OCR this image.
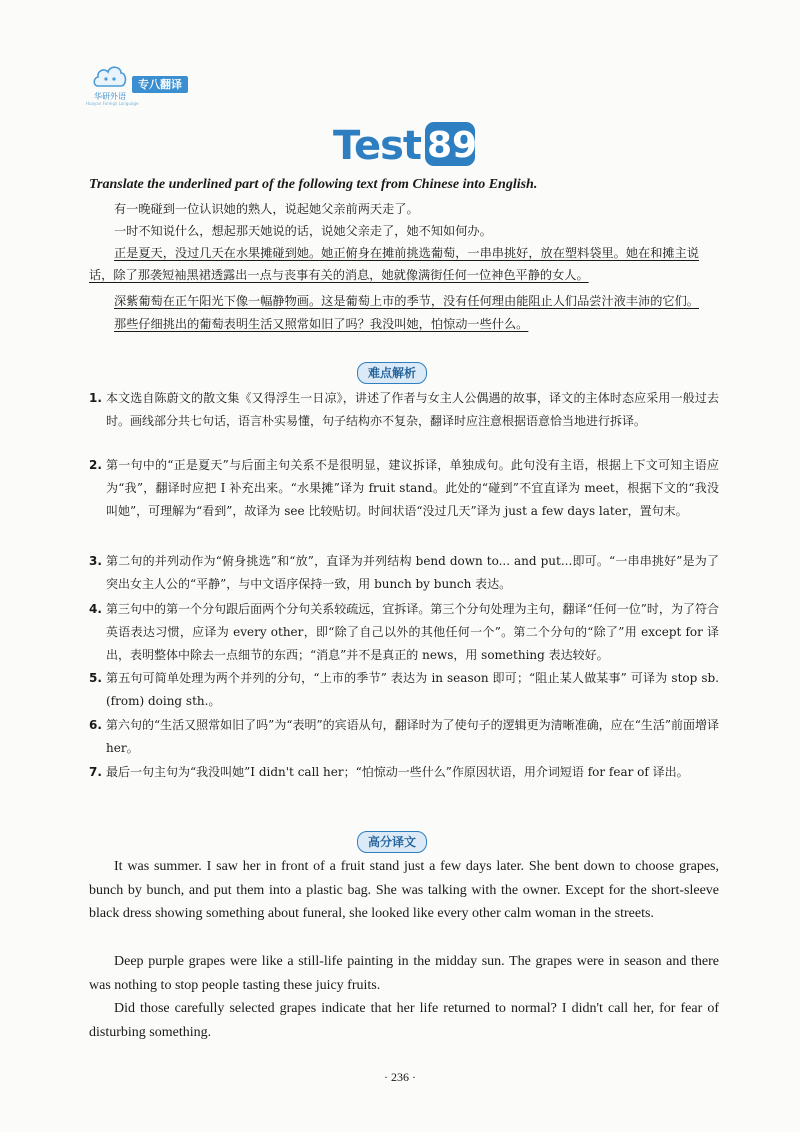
华研外语
Huayan Foreign Language
专八翻译
Test 89
Translate the underlined part of the following text from Chinese into English.
有一晚碰到一位认识她的熟人，说起她父亲前两天走了。
一时不知说什么，想起那天她说的话，说她父亲走了，她不知如何办。
正是夏天，没过几天在水果摊碰到她。她正俯身在摊前挑选葡萄，一串串挑好，放在塑料袋里。她在和摊主说话，除了那袭短袖黑裙透露出一点与丧事有关的消息，她就像满街任何一位神色平静的女人。
深紫葡萄在正午阳光下像一幅静物画。这是葡萄上市的季节，没有任何理由能阻止人们品尝汁液丰沛的它们。
那些仔细挑出的葡萄表明生活又照常如旧了吗？我没叫她，怕惊动一些什么。
难点解析
1. 本文选自陈蔚文的散文集《又得浮生一日凉》，讲述了作者与女主人公偶遇的故事，译文的主体时态应采用一般过去时。画线部分共七句话，语言朴实易懂，句子结构亦不复杂，翻译时应注意根据语意恰当地进行拆译。
2. 第一句中的“正是夏天”与后面主句关系不是很明显，建议拆译，单独成句。此句没有主语，根据上下文可知主语应为“我”，翻译时应把 I 补充出来。“水果摊”译为 fruit stand。此处的“碰到”不宜直译为 meet，根据下文的“我没叫她”，可理解为“看到”，故译为 see 比较贴切。时间状语“没过几天”译为 just a few days later，置句末。
3. 第二句的并列动作为“俯身挑选”和“放”，直译为并列结构 bend down to... and put...即可。“一串串挑好”是为了突出女主人公的“平静”，与中文语序保持一致，用 bunch by bunch 表达。
4. 第三句中的第一个分句跟后面两个分句关系较疏远，宜拆译。第三个分句处理为主句，翻译“任何一位”时，为了符合英语表达习惯，应译为 every other，即“除了自己以外的其他任何一个”。第二个分句的“除了”用 except for 译出，表明整体中除去一点细节的东西；“消息”并不是真正的 news，用 something 表达较好。
5. 第五句可简单处理为两个并列的分句，“上市的季节” 表达为 in season 即可；“阻止某人做某事” 可译为 stop sb. (from) doing sth.。
6. 第六句的“生活又照常如旧了吗”为“表明”的宾语从句，翻译时为了使句子的逻辑更为清晰准确，应在“生活”前面增译 her。
7. 最后一句主句为“我没叫她”I didn't call her；“怕惊动一些什么”作原因状语，用介词短语 for fear of 译出。
高分译文
It was summer. I saw her in front of a fruit stand just a few days later. She bent down to choose grapes, bunch by bunch, and put them into a plastic bag. She was talking with the owner. Except for the short-sleeve black dress showing something about funeral, she looked like every other calm woman in the streets.
Deep purple grapes were like a still-life painting in the midday sun. The grapes were in season and there was nothing to stop people tasting these juicy fruits.
Did those carefully selected grapes indicate that her life returned to normal? I didn't call her, for fear of disturbing something.
· 236 ·
